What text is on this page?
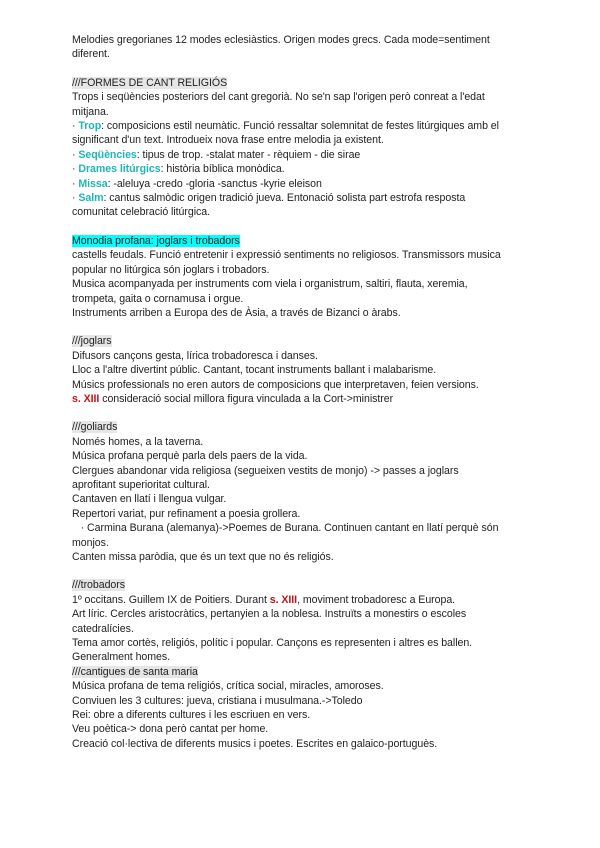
Melodies gregorianes 12 modes eclesiàstics. Origen modes grecs. Cada mode=sentiment
diferent.
///FORMES DE CANT RELIGIÓS
Trops i seqüències posteriors del cant gregorià. No se'n sap l'origen però conreat a l'edat
mitjana.
· Trop: composicions estil neumàtic. Funció ressaltar solemnitat de festes litúrgiques amb el
significant d'un text. Introdueix nova frase entre melodia ja existent.
· Seqüències: tipus de trop. -stalat mater - rèquiem - die sirae
· Drames litúrgics: història bíblica monòdica.
· Missa: -aleluya -credo -gloria -sanctus -kyrie eleison
· Salm: cantus salmòdic origen tradició jueva. Entonació solista part estrofa resposta
comunitat celebració litúrgica.
Monodia profana: joglars i trobadors
castells feudals. Funció entretenir i expressió sentiments no religiosos. Transmissors musica
popular no litúrgica són joglars i trobadors.
Musica acompanyada per instruments com viela i organistrum, saltiri, flauta, xeremia,
trompeta, gaita o cornamusa i orgue.
Instruments arriben a Europa des de Àsia, a través de Bizanci o àrabs.
///joglars
Difusors cançons gesta, lírica trobadoresca i danses.
Lloc a l'altre divertint públic. Cantant, tocant instruments ballant i malabarisme.
Músics professionals no eren autors de composicions que interpretaven, feien versions.
s. XIII consideració social millora figura vinculada a la Cort->ministrer
///goliards
Només homes, a la taverna.
Música profana perquè parla dels paers de la vida.
Clergues abandonar vida religiosa (segueixen vestits de monjo) -> passes a joglars
aprofitant superioritat cultural.
Cantaven en llatí i llengua vulgar.
Repertori variat, pur refinament a poesia grollera.
· Carmina Burana (alemanya)->Poemes de Burana. Continuen cantant en llatí perquè són
monjos.
Canten missa paròdia, que és un text que no és religiós.
///trobadors
1º occitans. Guillem IX de Poitiers. Durant s. XIII, moviment trobadoresc a Europa.
Art líric. Cercles aristocràtics, pertanyien a la noblesa. Instruïts a monestirs o escoles
catedralícies.
Tema amor cortès, religiós, polític i popular. Cançons es representen i altres es ballen.
Generalment homes.
///cantigues de santa maria
Música profana de tema religiós, crítica social, miracles, amoroses.
Conviuen les 3 cultures: jueva, cristiana i musulmana.->Toledo
Rei: obre a diferents cultures i les escriuen en vers.
Veu poètica-> dona però cantat per home.
Creació col·lectiva de diferents musics i poetes. Escrites en galaico-portuguès.
